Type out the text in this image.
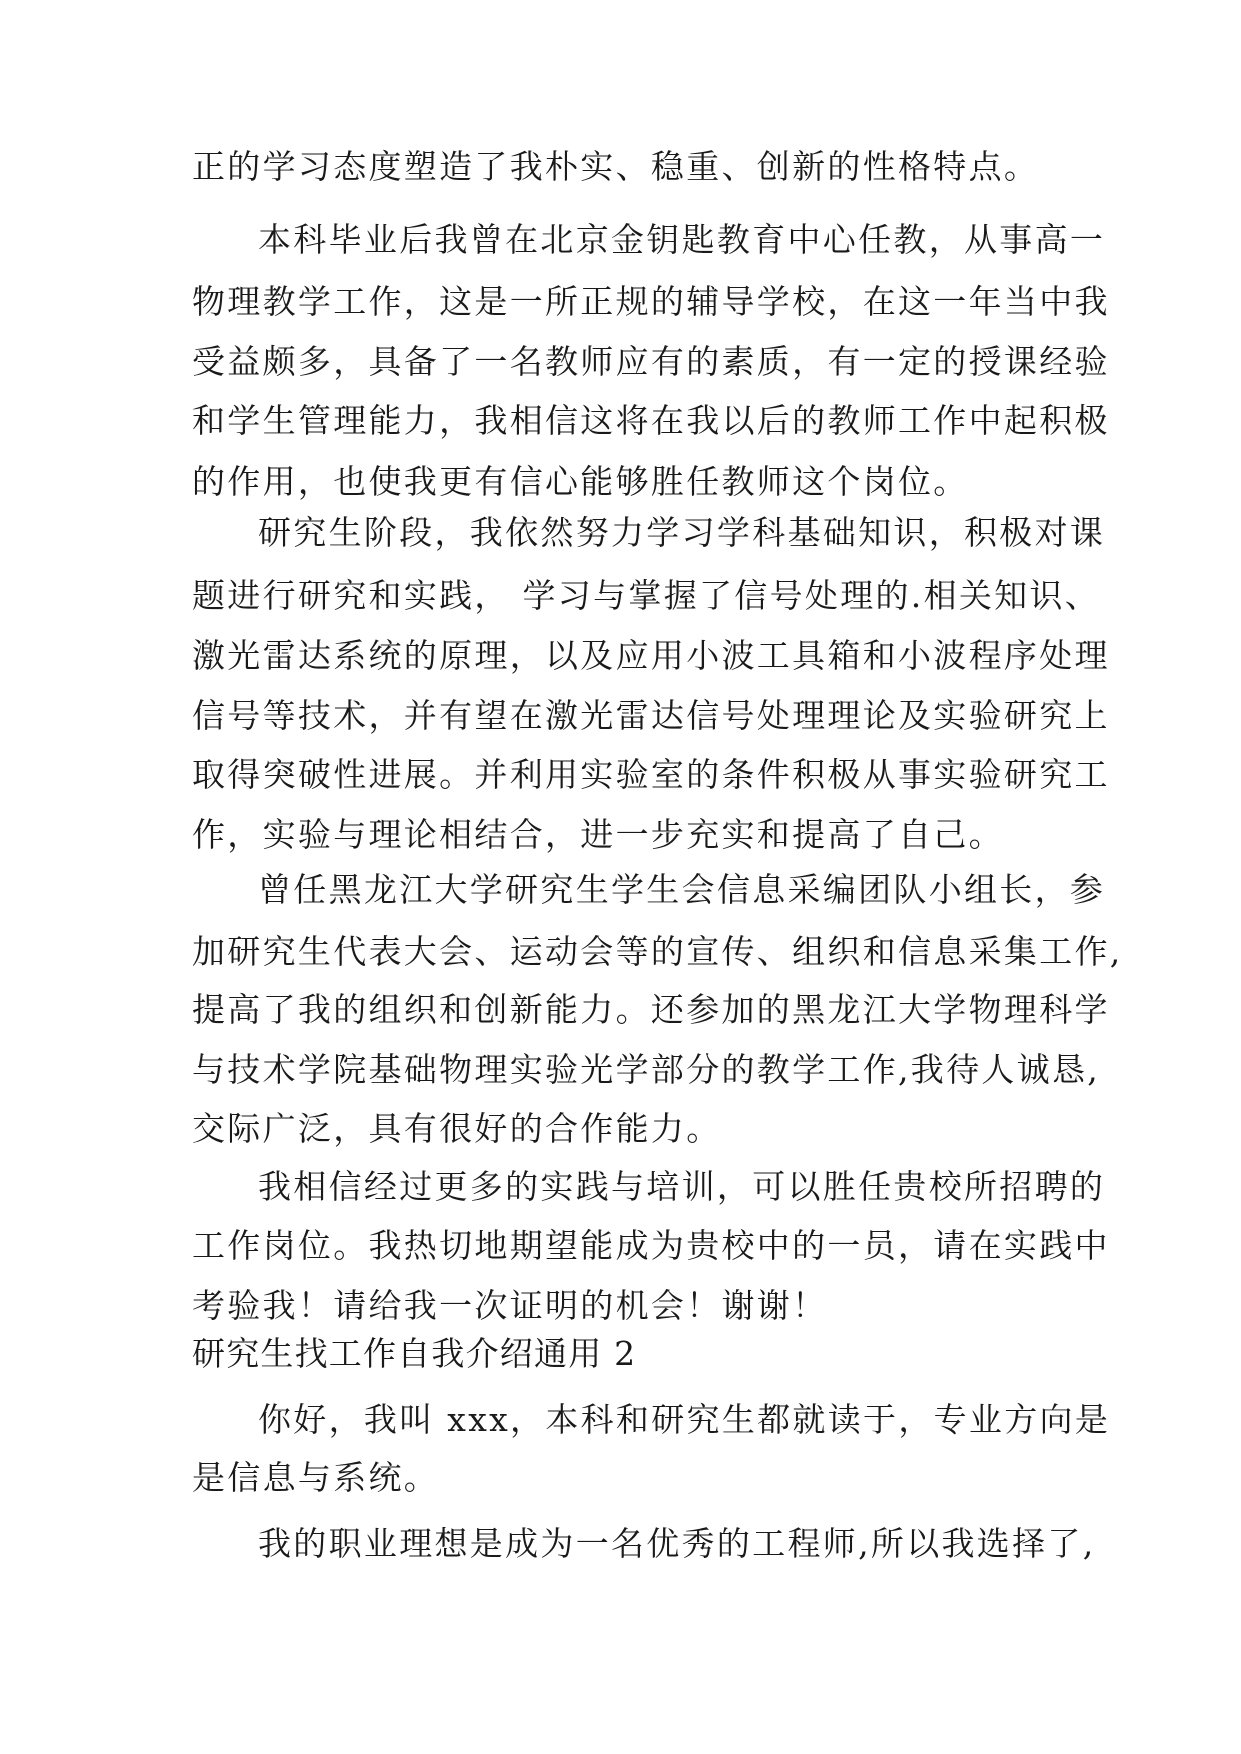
正的学习态度塑造了我朴实、稳重、创新的性格特点。
本科毕业后我曾在北京金钥匙教育中心任教，从事高一
物理教学工作，这是一所正规的辅导学校，在这一年当中我
受益颇多，具备了一名教师应有的素质，有一定的授课经验
和学生管理能力，我相信这将在我以后的教师工作中起积极
的作用，也使我更有信心能够胜任教师这个岗位。
研究生阶段，我依然努力学习学科基础知识，积极对课
题进行研究和实践， 学习与掌握了信号处理的.相关知识、
激光雷达系统的原理，以及应用小波工具箱和小波程序处理
信号等技术，并有望在激光雷达信号处理理论及实验研究上
取得突破性进展。并利用实验室的条件积极从事实验研究工
作，实验与理论相结合，进一步充实和提高了自己。
曾任黑龙江大学研究生学生会信息采编团队小组长，参
加研究生代表大会、运动会等的宣传、组织和信息采集工作,
提高了我的组织和创新能力。还参加的黑龙江大学物理科学
与技术学院基础物理实验光学部分的教学工作,我待人诚恳,
交际广泛，具有很好的合作能力。
我相信经过更多的实践与培训，可以胜任贵校所招聘的
工作岗位。我热切地期望能成为贵校中的一员，请在实践中
考验我！请给我一次证明的机会！谢谢！
研究生找工作自我介绍通用 2
你好，我叫 xxx，本科和研究生都就读于，专业方向是
是信息与系统。
我的职业理想是成为一名优秀的工程师,所以我选择了,
